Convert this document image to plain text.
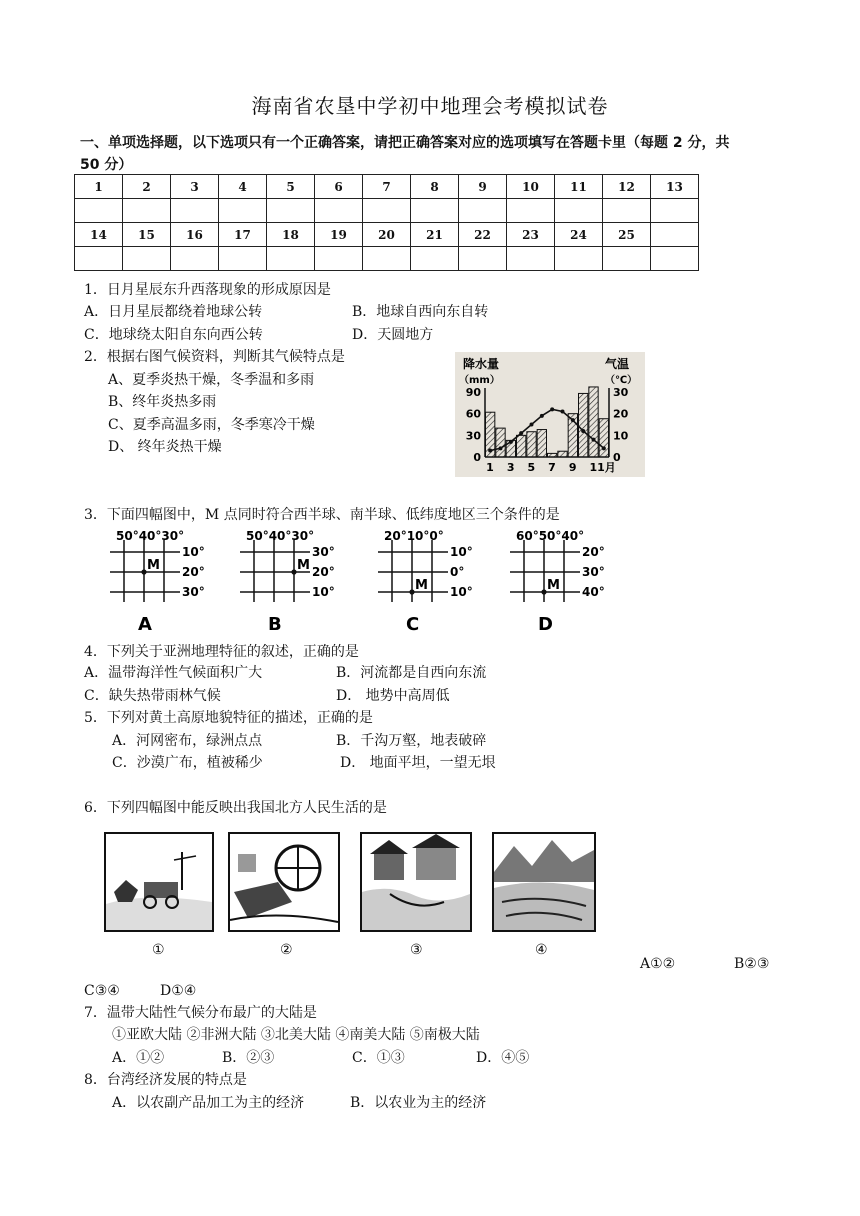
海南省农垦中学初中地理会考模拟试卷
一、单项选择题，以下选项只有一个正确答案，请把正确答案对应的选项填写在答题卡里（每题 2 分，共
50 分）
1	2	3	4	5	6	7	8	9	10	11	12	13

14	15	16	17	18	19	20	21	22	23	24	25	

1．日月星辰东升西落现象的形成原因是
A．日月星辰都绕着地球公转	B．地球自西向东自转
C．地球绕太阳自东向西公转	D．天圆地方
2．根据右图气候资料，判断其气候特点是
A、夏季炎热干燥，冬季温和多雨
B、终年炎热多雨
C、夏季高温多雨，冬季寒冷干燥
D、 终年炎热干燥
降水量
（mm）
气温
（℃）
90
60
30
0
30
20
10
0
1 3 5 7 9 11月
3．下面四幅图中，M 点同时符合西半球、南半球、低纬度地区三个条件的是
50°40°30°
10°
20°
30°
M
A
50°40°30°
30°
20°
10°
M
B
20°10°0°
10°
0°
10°
M
C
60°50°40°
20°
30°
40°
M
D
4．下列关于亚洲地理特征的叙述，正确的是
A．温带海洋性气候面积广大	B．河流都是自西向东流
C．缺失热带雨林气候	D． 地势中高周低
5．下列对黄土高原地貌特征的描述，正确的是
A．河网密布，绿洲点点	B．千沟万壑，地表破碎
C．沙漠广布，植被稀少	D． 地面平坦，一望无垠
6．下列四幅图中能反映出我国北方人民生活的是
①	②	③	④
A①②	B②③
C③④	D①④
7．温带大陆性气候分布最广的大陆是
①亚欧大陆 ②非洲大陆 ③北美大陆 ④南美大陆 ⑤南极大陆
A．①②	B．②③	C．①③	D．④⑤
8．台湾经济发展的特点是
A．以农副产品加工为主的经济	B．以农业为主的经济
